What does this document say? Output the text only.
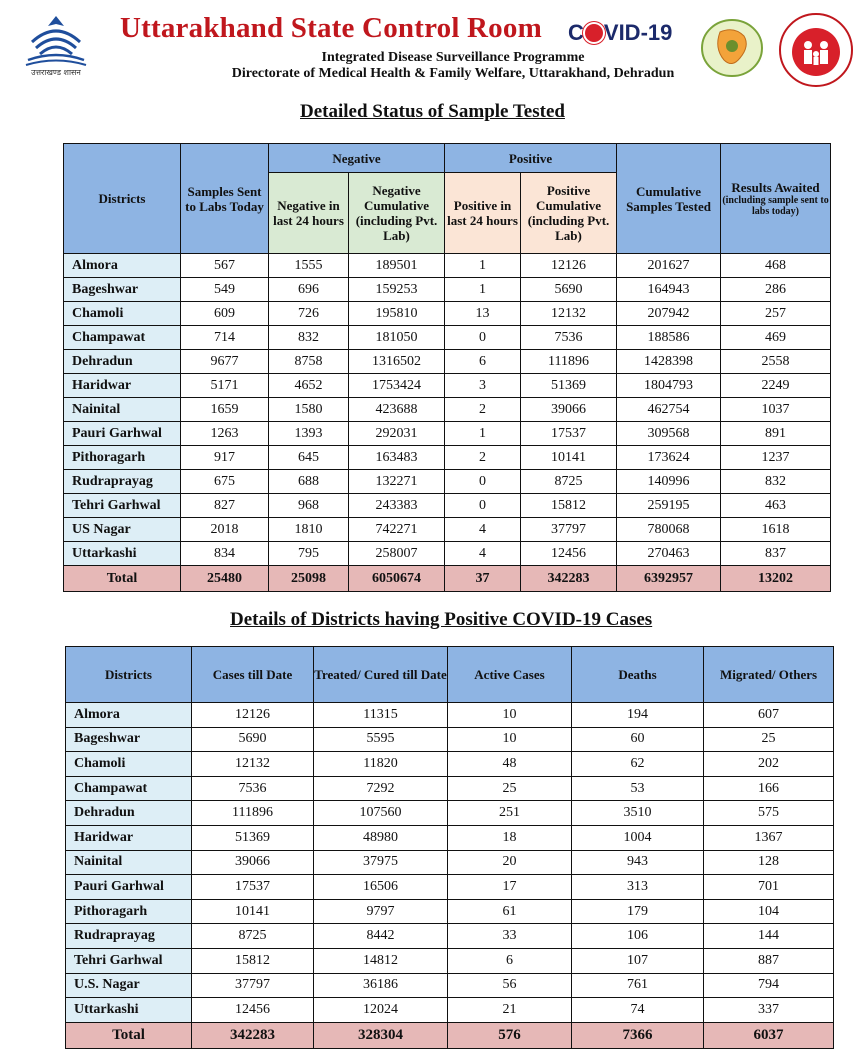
उत्तराखण्ड शासन
Uttarakhand State Control Room C VID-19
Integrated Disease Surveillance Programme
Directorate of Medical Health & Family Welfare, Uttarakhand, Dehradun
Detailed Status of Sample Tested
Districts	Samples Sent to Labs Today	Negative		Positive		Cumulative Samples Tested	Results Awaited
(including sample sent to labs today)

		Negative in last 24 hours	Negative Cumulative (including Pvt. Lab)	Positive in last 24 hours	Positive Cumulative (including Pvt. Lab)		
Almora	567	1555	189501	1	12126	201627	468
Bageshwar	549	696	159253	1	5690	164943	286
Chamoli	609	726	195810	13	12132	207942	257
Champawat	714	832	181050	0	7536	188586	469
Dehradun	9677	8758	1316502	6	111896	1428398	2558
Haridwar	5171	4652	1753424	3	51369	1804793	2249
Nainital	1659	1580	423688	2	39066	462754	1037
Pauri Garhwal	1263	1393	292031	1	17537	309568	891
Pithoragarh	917	645	163483	2	10141	173624	1237
Rudraprayag	675	688	132271	0	8725	140996	832
Tehri Garhwal	827	968	243383	0	15812	259195	463
US Nagar	2018	1810	742271	4	37797	780068	1618
Uttarkashi	834	795	258007	4	12456	270463	837
Total	25480	25098	6050674	37	342283	6392957	13202
Details of Districts having Positive COVID-19 Cases
Districts	Cases till Date	Treated/ Cured till Date	Active Cases	Deaths	Migrated/ Others
Almora	12126	11315	10	194	607
Bageshwar	5690	5595	10	60	25
Chamoli	12132	11820	48	62	202
Champawat	7536	7292	25	53	166
Dehradun	111896	107560	251	3510	575
Haridwar	51369	48980	18	1004	1367
Nainital	39066	37975	20	943	128
Pauri Garhwal	17537	16506	17	313	701
Pithoragarh	10141	9797	61	179	104
Rudraprayag	8725	8442	33	106	144
Tehri Garhwal	15812	14812	6	107	887
U.S. Nagar	37797	36186	56	761	794
Uttarkashi	12456	12024	21	74	337
Total	342283	328304	576	7366	6037
